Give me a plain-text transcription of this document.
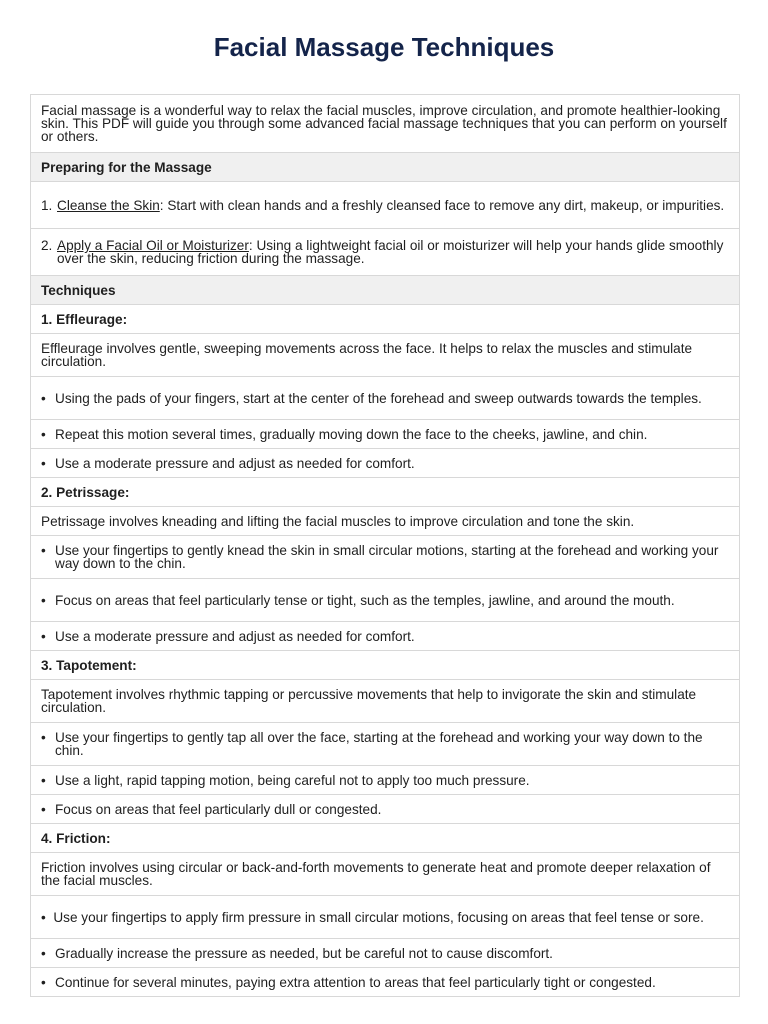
Facial Massage Techniques
Facial massage is a wonderful way to relax the facial muscles, improve circulation, and promote healthier-looking skin. This PDF will guide you through some advanced facial massage techniques that you can perform on yourself or others.
Preparing for the Massage
1. Cleanse the Skin: Start with clean hands and a freshly cleansed face to remove any dirt, makeup, or impurities.
2. Apply a Facial Oil or Moisturizer: Using a lightweight facial oil or moisturizer will help your hands glide smoothly over the skin, reducing friction during the massage.
Techniques
1. Effleurage:
Effleurage involves gentle, sweeping movements across the face. It helps to relax the muscles and stimulate circulation.
• Using the pads of your fingers, start at the center of the forehead and sweep outwards towards the temples.
• Repeat this motion several times, gradually moving down the face to the cheeks, jawline, and chin.
• Use a moderate pressure and adjust as needed for comfort.
2. Petrissage:
Petrissage involves kneading and lifting the facial muscles to improve circulation and tone the skin.
• Use your fingertips to gently knead the skin in small circular motions, starting at the forehead and working your way down to the chin.
• Focus on areas that feel particularly tense or tight, such as the temples, jawline, and around the mouth.
• Use a moderate pressure and adjust as needed for comfort.
3. Tapotement:
Tapotement involves rhythmic tapping or percussive movements that help to invigorate the skin and stimulate circulation.
• Use your fingertips to gently tap all over the face, starting at the forehead and working your way down to the chin.
• Use a light, rapid tapping motion, being careful not to apply too much pressure.
• Focus on areas that feel particularly dull or congested.
4. Friction:
Friction involves using circular or back-and-forth movements to generate heat and promote deeper relaxation of the facial muscles.
• Use your fingertips to apply firm pressure in small circular motions, focusing on areas that feel tense or sore.
• Gradually increase the pressure as needed, but be careful not to cause discomfort.
• Continue for several minutes, paying extra attention to areas that feel particularly tight or congested.
